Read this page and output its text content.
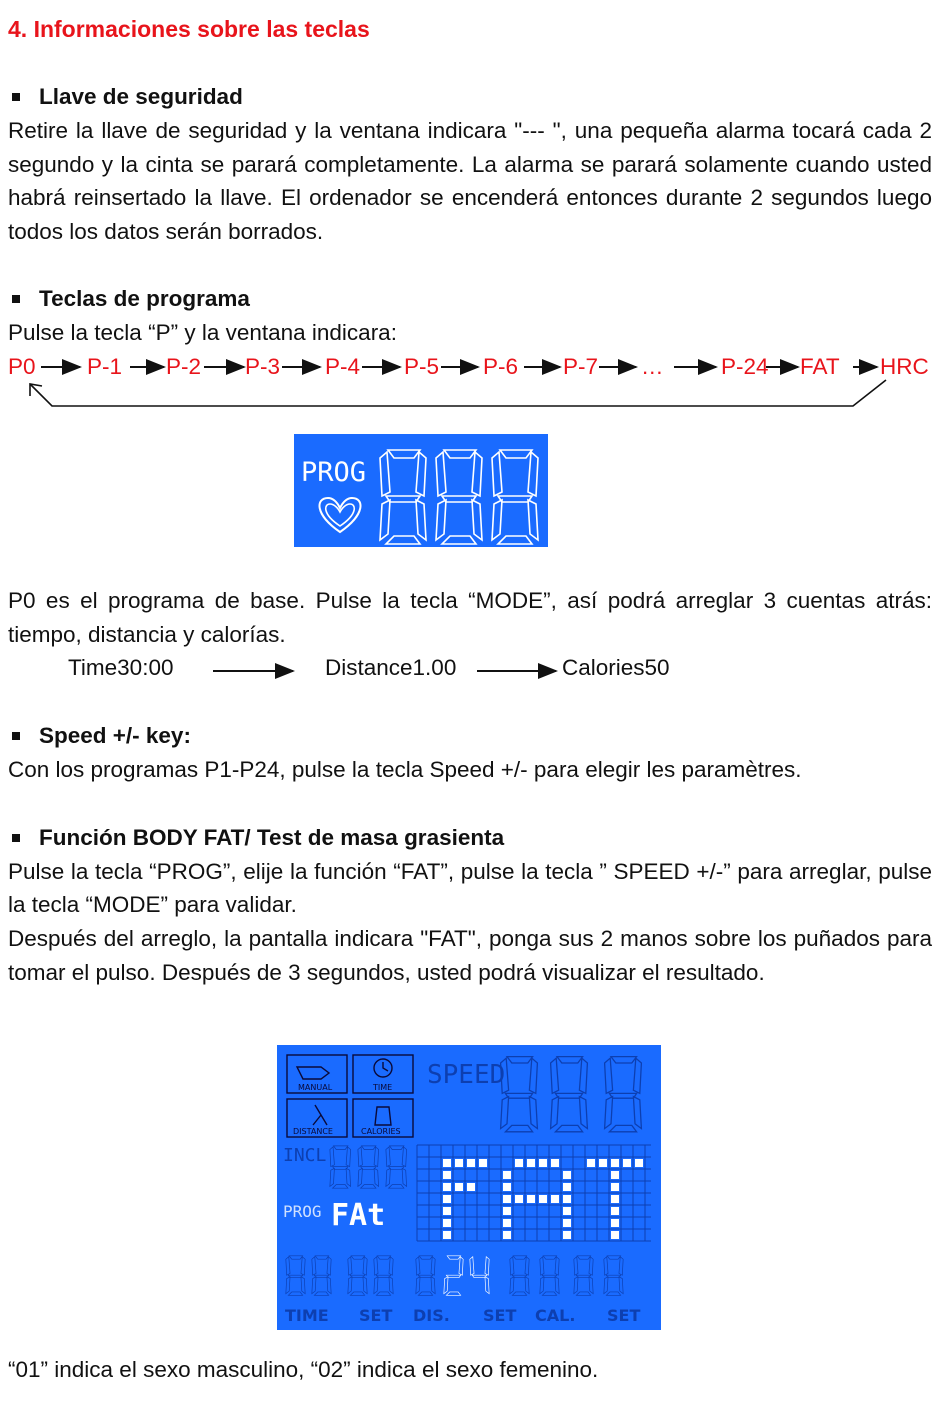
4. Informaciones sobre las teclas
Llave de seguridad

Retire la llave de seguridad y la ventana indicara "--- ", una pequeña alarma tocará cada 2 segundo y la cinta se parará completamente. La alarma se parará solamente cuando usted habrá reinsertado la llave. El ordenador se encenderá entonces durante 2 segundos luego todos los datos serán borrados.

Teclas de programa

Pulse la tecla “P” y la ventana indicara:

P0 P-1 P-2 P-3 P-4 P-5 P-6 P-7 …	P-24 FAT HRC
PROG

P0 es el programa de base. Pulse la tecla “MODE”, así podrá arreglar 3 cuentas atrás: tiempo, distancia y calorías.

Time30:00	Distance1.00	Calories50
Speed +/- key:

Con los programas P1-P24, pulse la tecla Speed +/- para elegir les paramètres.

Función BODY FAT/ Test de masa grasienta

Pulse la tecla “PROG”, elije la función “FAT”, pulse la tecla ” SPEED +/-” para arreglar, pulse la tecla “MODE” para validar.

Después del arreglo, la pantalla indicara "FAT", ponga sus 2 manos sobre los puñados para tomar el pulso. Después de 3 segundos, usted podrá visualizar el resultado.

MANUAL	TIME
DISTANCE	CALORIES
SPEED
INCL
PROG FAt
TIME SET DIS. SET CAL. SET

“01” indica el sexo masculino, “02” indica el sexo femenino.
